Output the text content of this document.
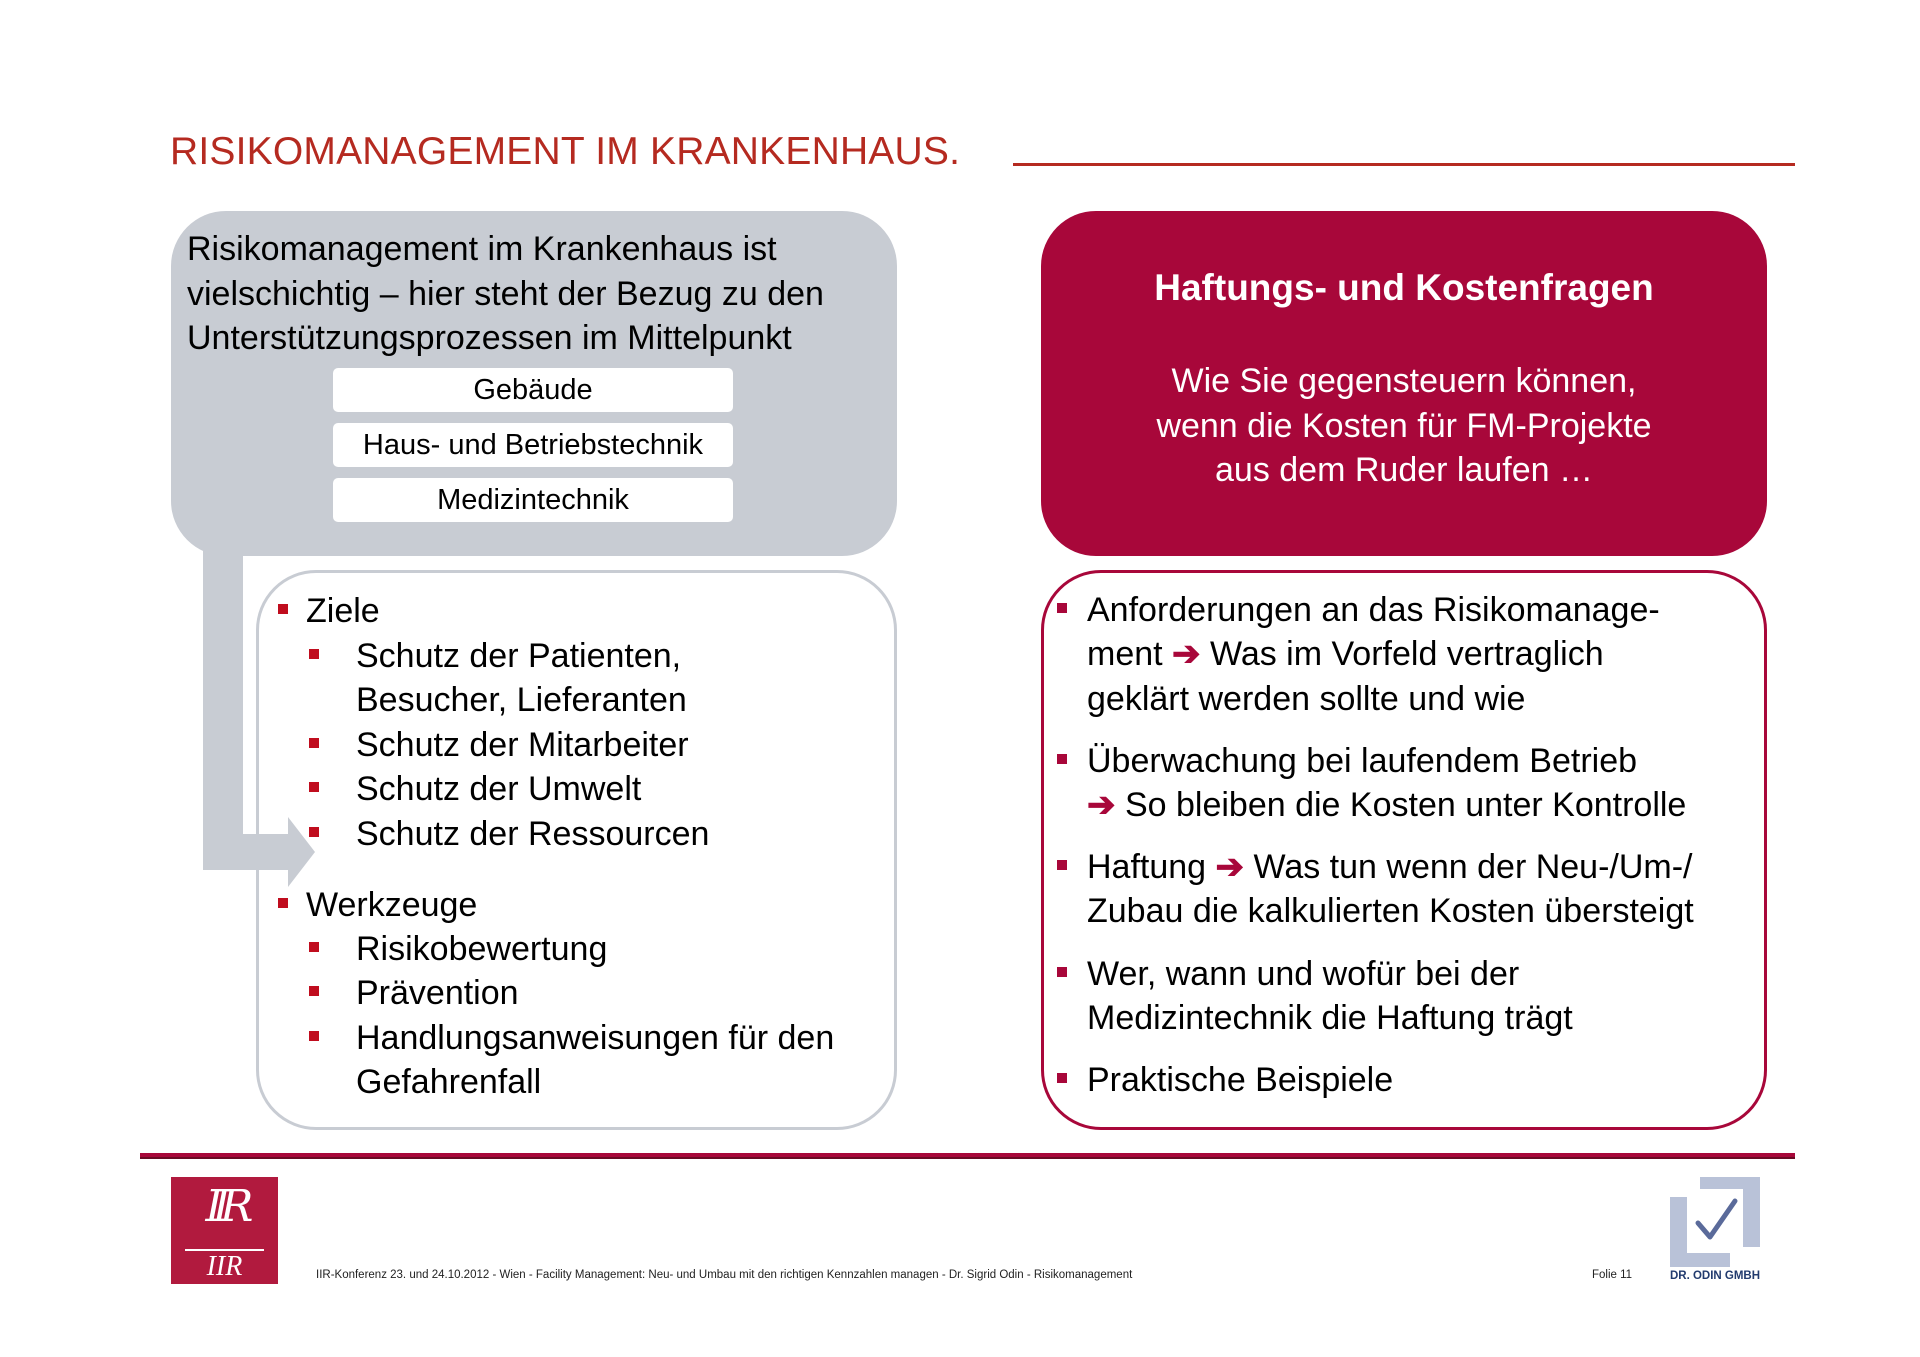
RISIKOMANAGEMENT IM KRANKENHAUS.
Risikomanagement im Krankenhaus ist
vielschichtig – hier steht der Bezug zu den
Unterstützungsprozessen im Mittelpunkt
Gebäude
Haus- und Betriebstechnik
Medizintechnik
Ziele
Schutz der Patienten,
Besucher, Lieferanten
Schutz der Mitarbeiter
Schutz der Umwelt
Schutz der Ressourcen
Werkzeuge
Risikobewertung
Prävention
Handlungsanweisungen für den
Gefahrenfall
Haftungs- und Kostenfragen
Wie Sie gegensteuern können,
wenn die Kosten für FM-Projekte
aus dem Ruder laufen …
Anforderungen an das Risikomanage-
ment ➔ Was im Vorfeld vertraglich
geklärt werden sollte und wie
Überwachung bei laufendem Betrieb
➔ So bleiben die Kosten unter Kontrolle
Haftung ➔ Was tun wenn der Neu-/Um-/
Zubau die kalkulierten Kosten übersteigt
Wer, wann und wofür bei der
Medizintechnik die Haftung trägt
Praktische Beispiele
IIR
IIR	IIR-Konferenz 23. und 24.10.2012 - Wien - Facility Management: Neu- und Umbau mit den richtigen Kennzahlen managen - Dr. Sigrid Odin - Risikomanagement	Folie 11	DR. ODIN GMBH
